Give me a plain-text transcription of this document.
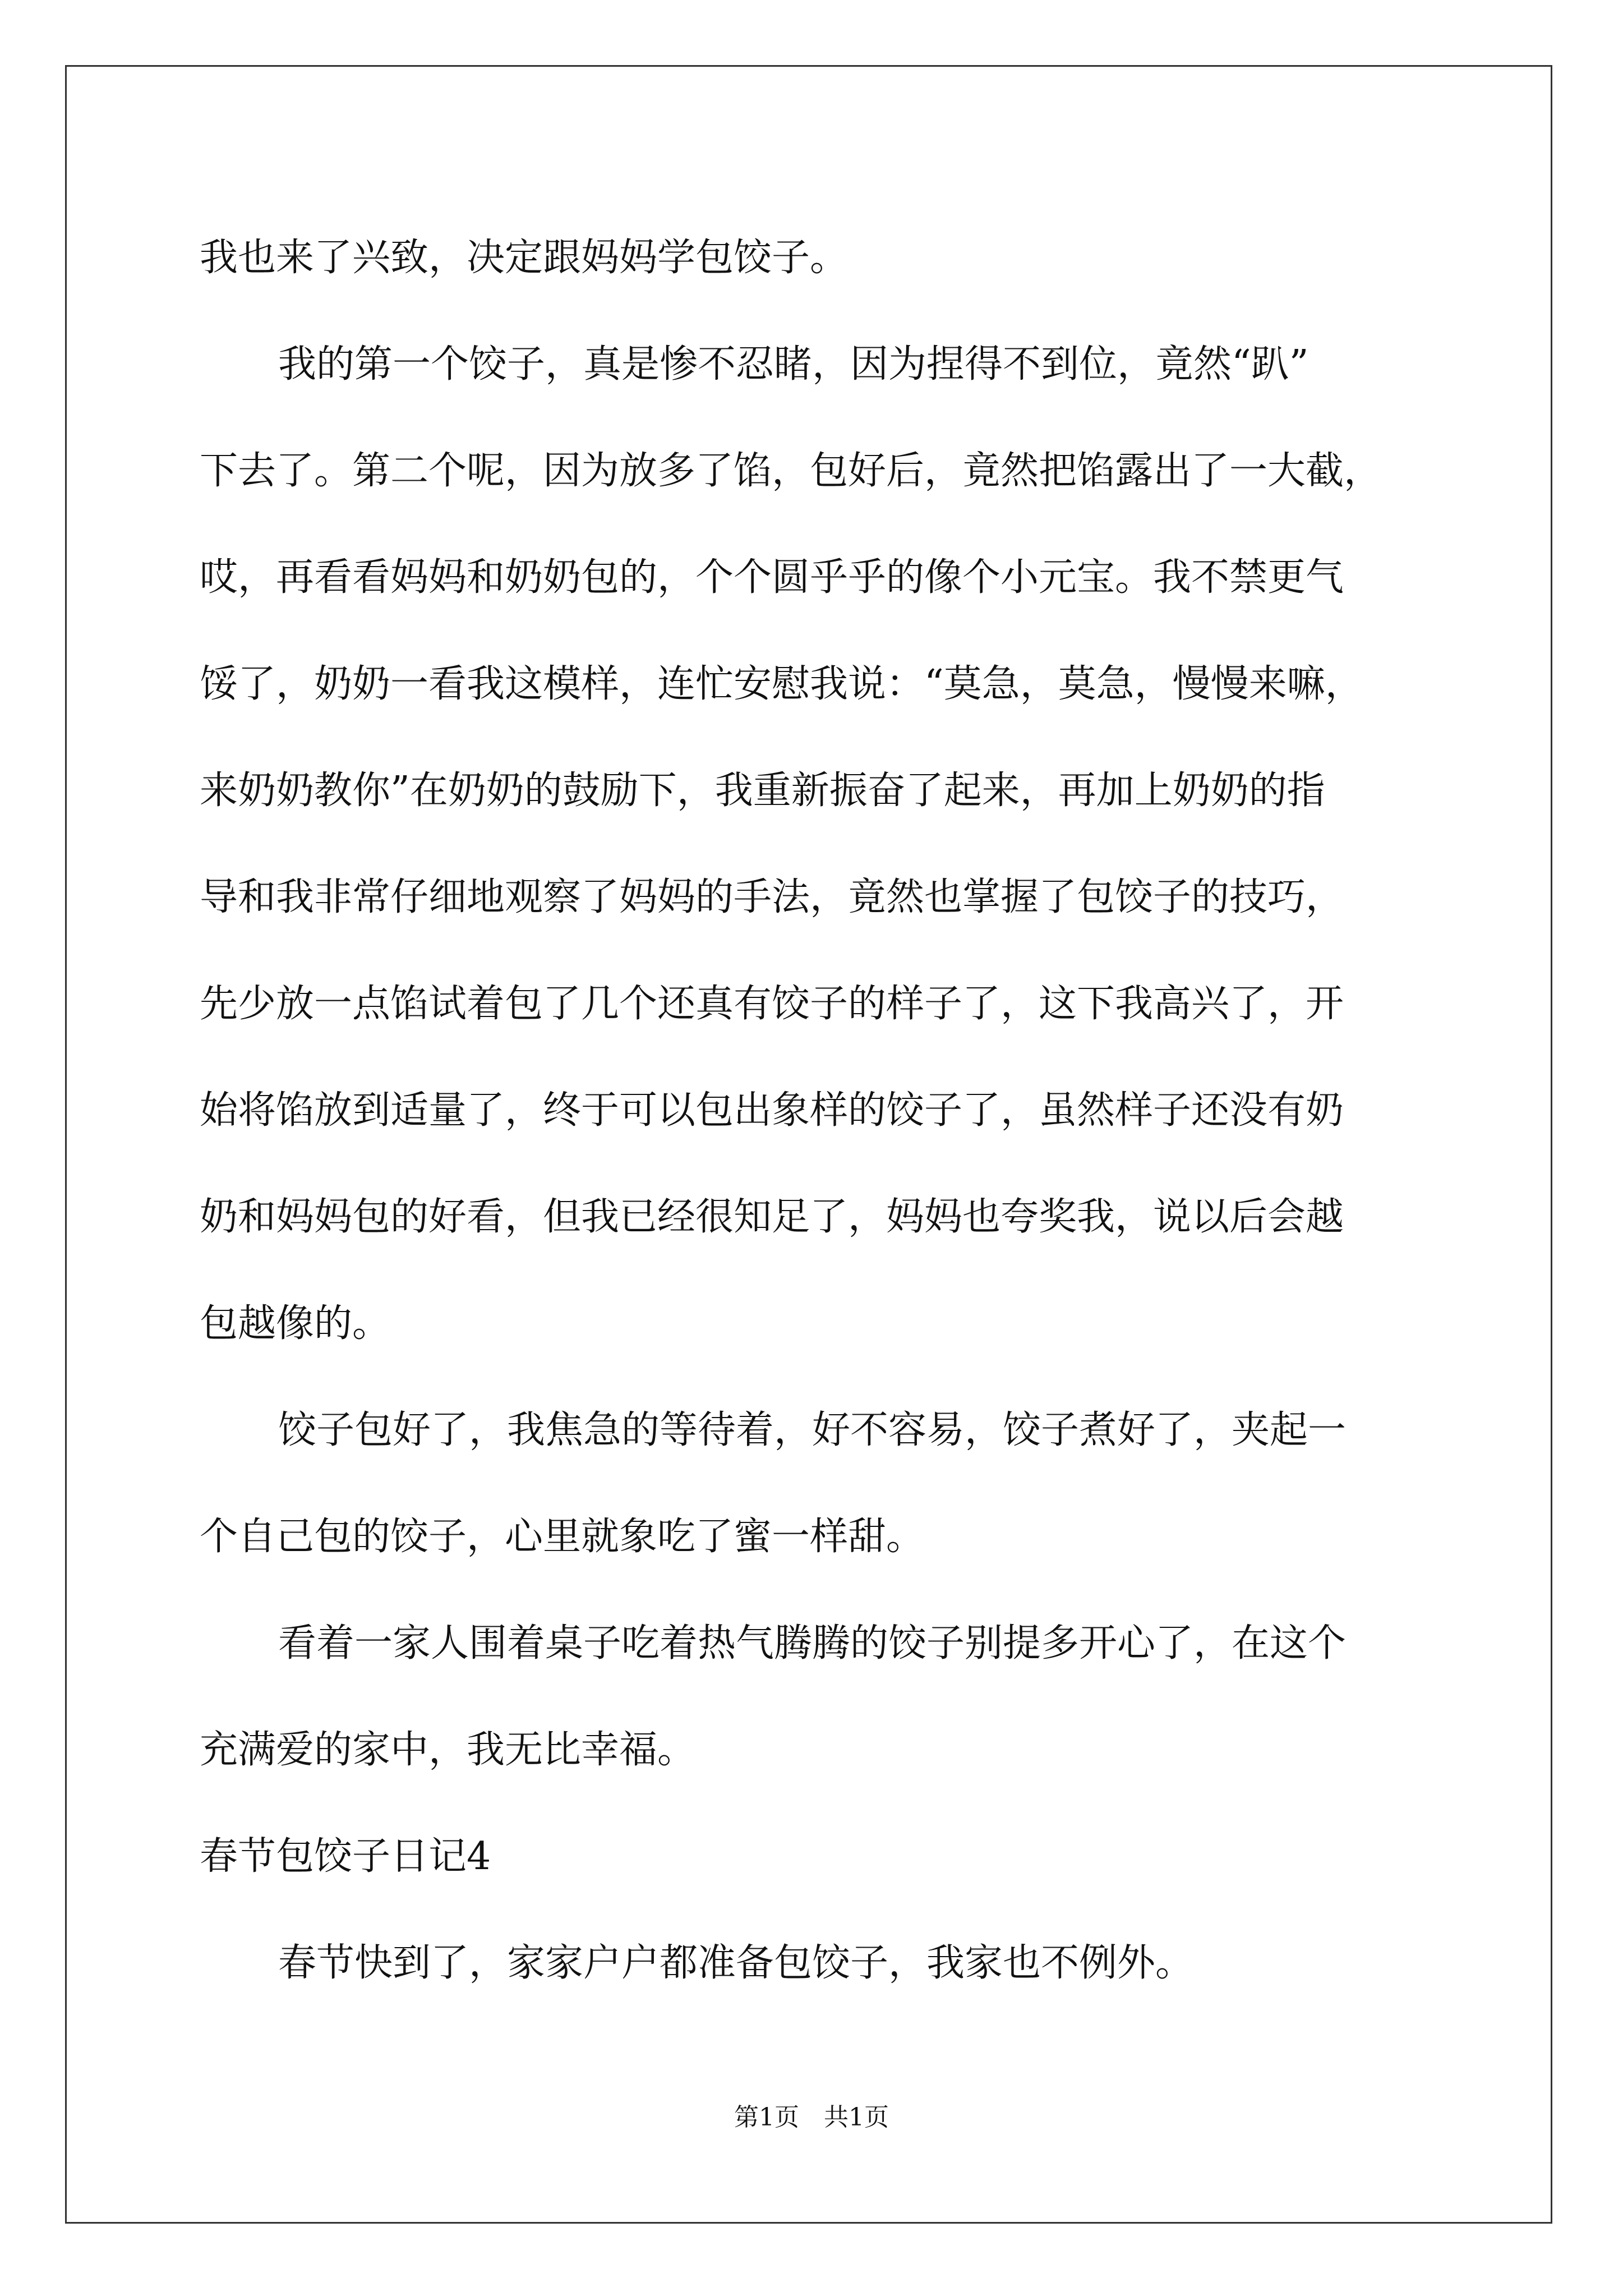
我也来了兴致，决定跟妈妈学包饺子。
我的第一个饺子，真是惨不忍睹，因为捏得不到位，竟然“趴”
下去了。第二个呢，因为放多了馅，包好后，竟然把馅露出了一大截，
哎，再看看妈妈和奶奶包的，个个圆乎乎的像个小元宝。我不禁更气
馁了，奶奶一看我这模样，连忙安慰我说：“莫急，莫急，慢慢来嘛，
来奶奶教你”在奶奶的鼓励下，我重新振奋了起来，再加上奶奶的指
导和我非常仔细地观察了妈妈的手法，竟然也掌握了包饺子的技巧，
先少放一点馅试着包了几个还真有饺子的样子了，这下我高兴了，开
始将馅放到适量了，终于可以包出象样的饺子了，虽然样子还没有奶
奶和妈妈包的好看，但我已经很知足了，妈妈也夸奖我，说以后会越
包越像的。
饺子包好了，我焦急的等待着，好不容易，饺子煮好了，夹起一
个自己包的饺子，心里就象吃了蜜一样甜。
看着一家人围着桌子吃着热气腾腾的饺子别提多开心了，在这个
充满爱的家中，我无比幸福。
春节包饺子日记4
春节快到了，家家户户都准备包饺子，我家也不例外。
第1页　共1页
